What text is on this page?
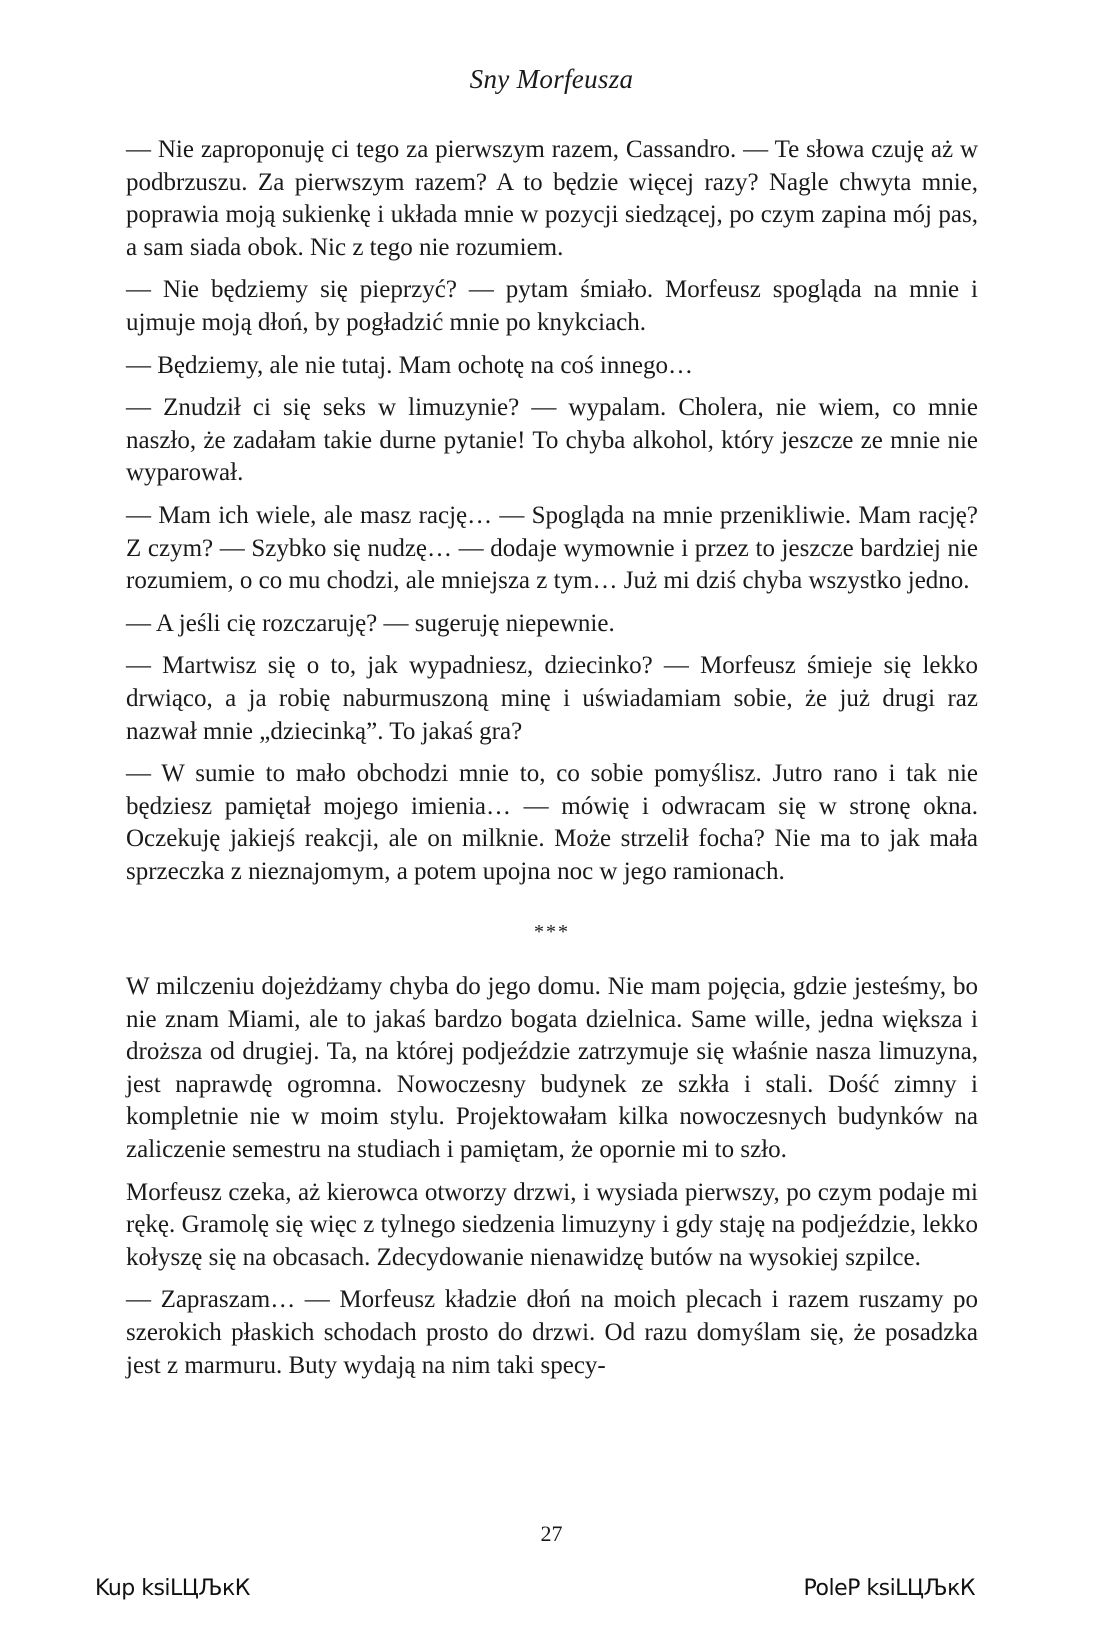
Sny Morfeusza

— Nie zaproponuję ci tego za pierwszym razem, Cassandro. — Te słowa czuję aż w podbrzuszu. Za pierwszym razem? A to będzie więcej razy? Nagle chwyta mnie, poprawia moją sukienkę i układa mnie w pozycji siedzącej, po czym zapina mój pas, a sam siada obok. Nic z tego nie rozumiem.

— Nie będziemy się pieprzyć? — pytam śmiało. Morfeusz spogląda na mnie i ujmuje moją dłoń, by pogładzić mnie po knykciach.

— Będziemy, ale nie tutaj. Mam ochotę na coś innego…

— Znudził ci się seks w limuzynie? — wypalam. Cholera, nie wiem, co mnie naszło, że zadałam takie durne pytanie! To chyba alkohol, który jeszcze ze mnie nie wyparował.

— Mam ich wiele, ale masz rację… — Spogląda na mnie przenikliwie. Mam rację? Z czym? — Szybko się nudzę… — dodaje wymownie i przez to jeszcze bardziej nie rozumiem, o co mu chodzi, ale mniejsza z tym… Już mi dziś chyba wszystko jedno.

— A jeśli cię rozczaruję? — sugeruję niepewnie.

— Martwisz się o to, jak wypadniesz, dziecinko? — Morfeusz śmieje się lekko drwiąco, a ja robię naburmuszoną minę i uświadamiam sobie, że już drugi raz nazwał mnie „dziecinką”. To jakaś gra?

— W sumie to mało obchodzi mnie to, co sobie pomyślisz. Jutro rano i tak nie będziesz pamiętał mojego imienia… — mówię i odwracam się w stronę okna. Oczekuję jakiejś reakcji, ale on milknie. Może strzelił focha? Nie ma to jak mała sprzeczka z nieznajomym, a potem upojna noc w jego ramionach.

***

W milczeniu dojeżdżamy chyba do jego domu. Nie mam pojęcia, gdzie jesteśmy, bo nie znam Miami, ale to jakaś bardzo bogata dzielnica. Same wille, jedna większa i droższa od drugiej. Ta, na której podjeździe zatrzymuje się właśnie nasza limuzyna, jest naprawdę ogromna. Nowoczesny budynek ze szkła i stali. Dość zimny i kompletnie nie w moim stylu. Projektowałam kilka nowoczesnych budynków na zaliczenie semestru na studiach i pamiętam, że opornie mi to szło.

Morfeusz czeka, aż kierowca otworzy drzwi, i wysiada pierwszy, po czym podaje mi rękę. Gramolę się więc z tylnego siedzenia limuzyny i gdy staję na podjeździe, lekko kołyszę się na obcasach. Zdecydowanie nienawidzę butów na wysokiej szpilce.

— Zapraszam… — Morfeusz kładzie dłoń na moich plecach i razem ruszamy po szerokich płaskich schodach prosto do drzwi. Od razu domyślam się, że posadzka jest z marmuru. Buty wydają na nim taki specy-

27
Kup ksiLЦЉкК	PoleP ksiLЦЉкК
